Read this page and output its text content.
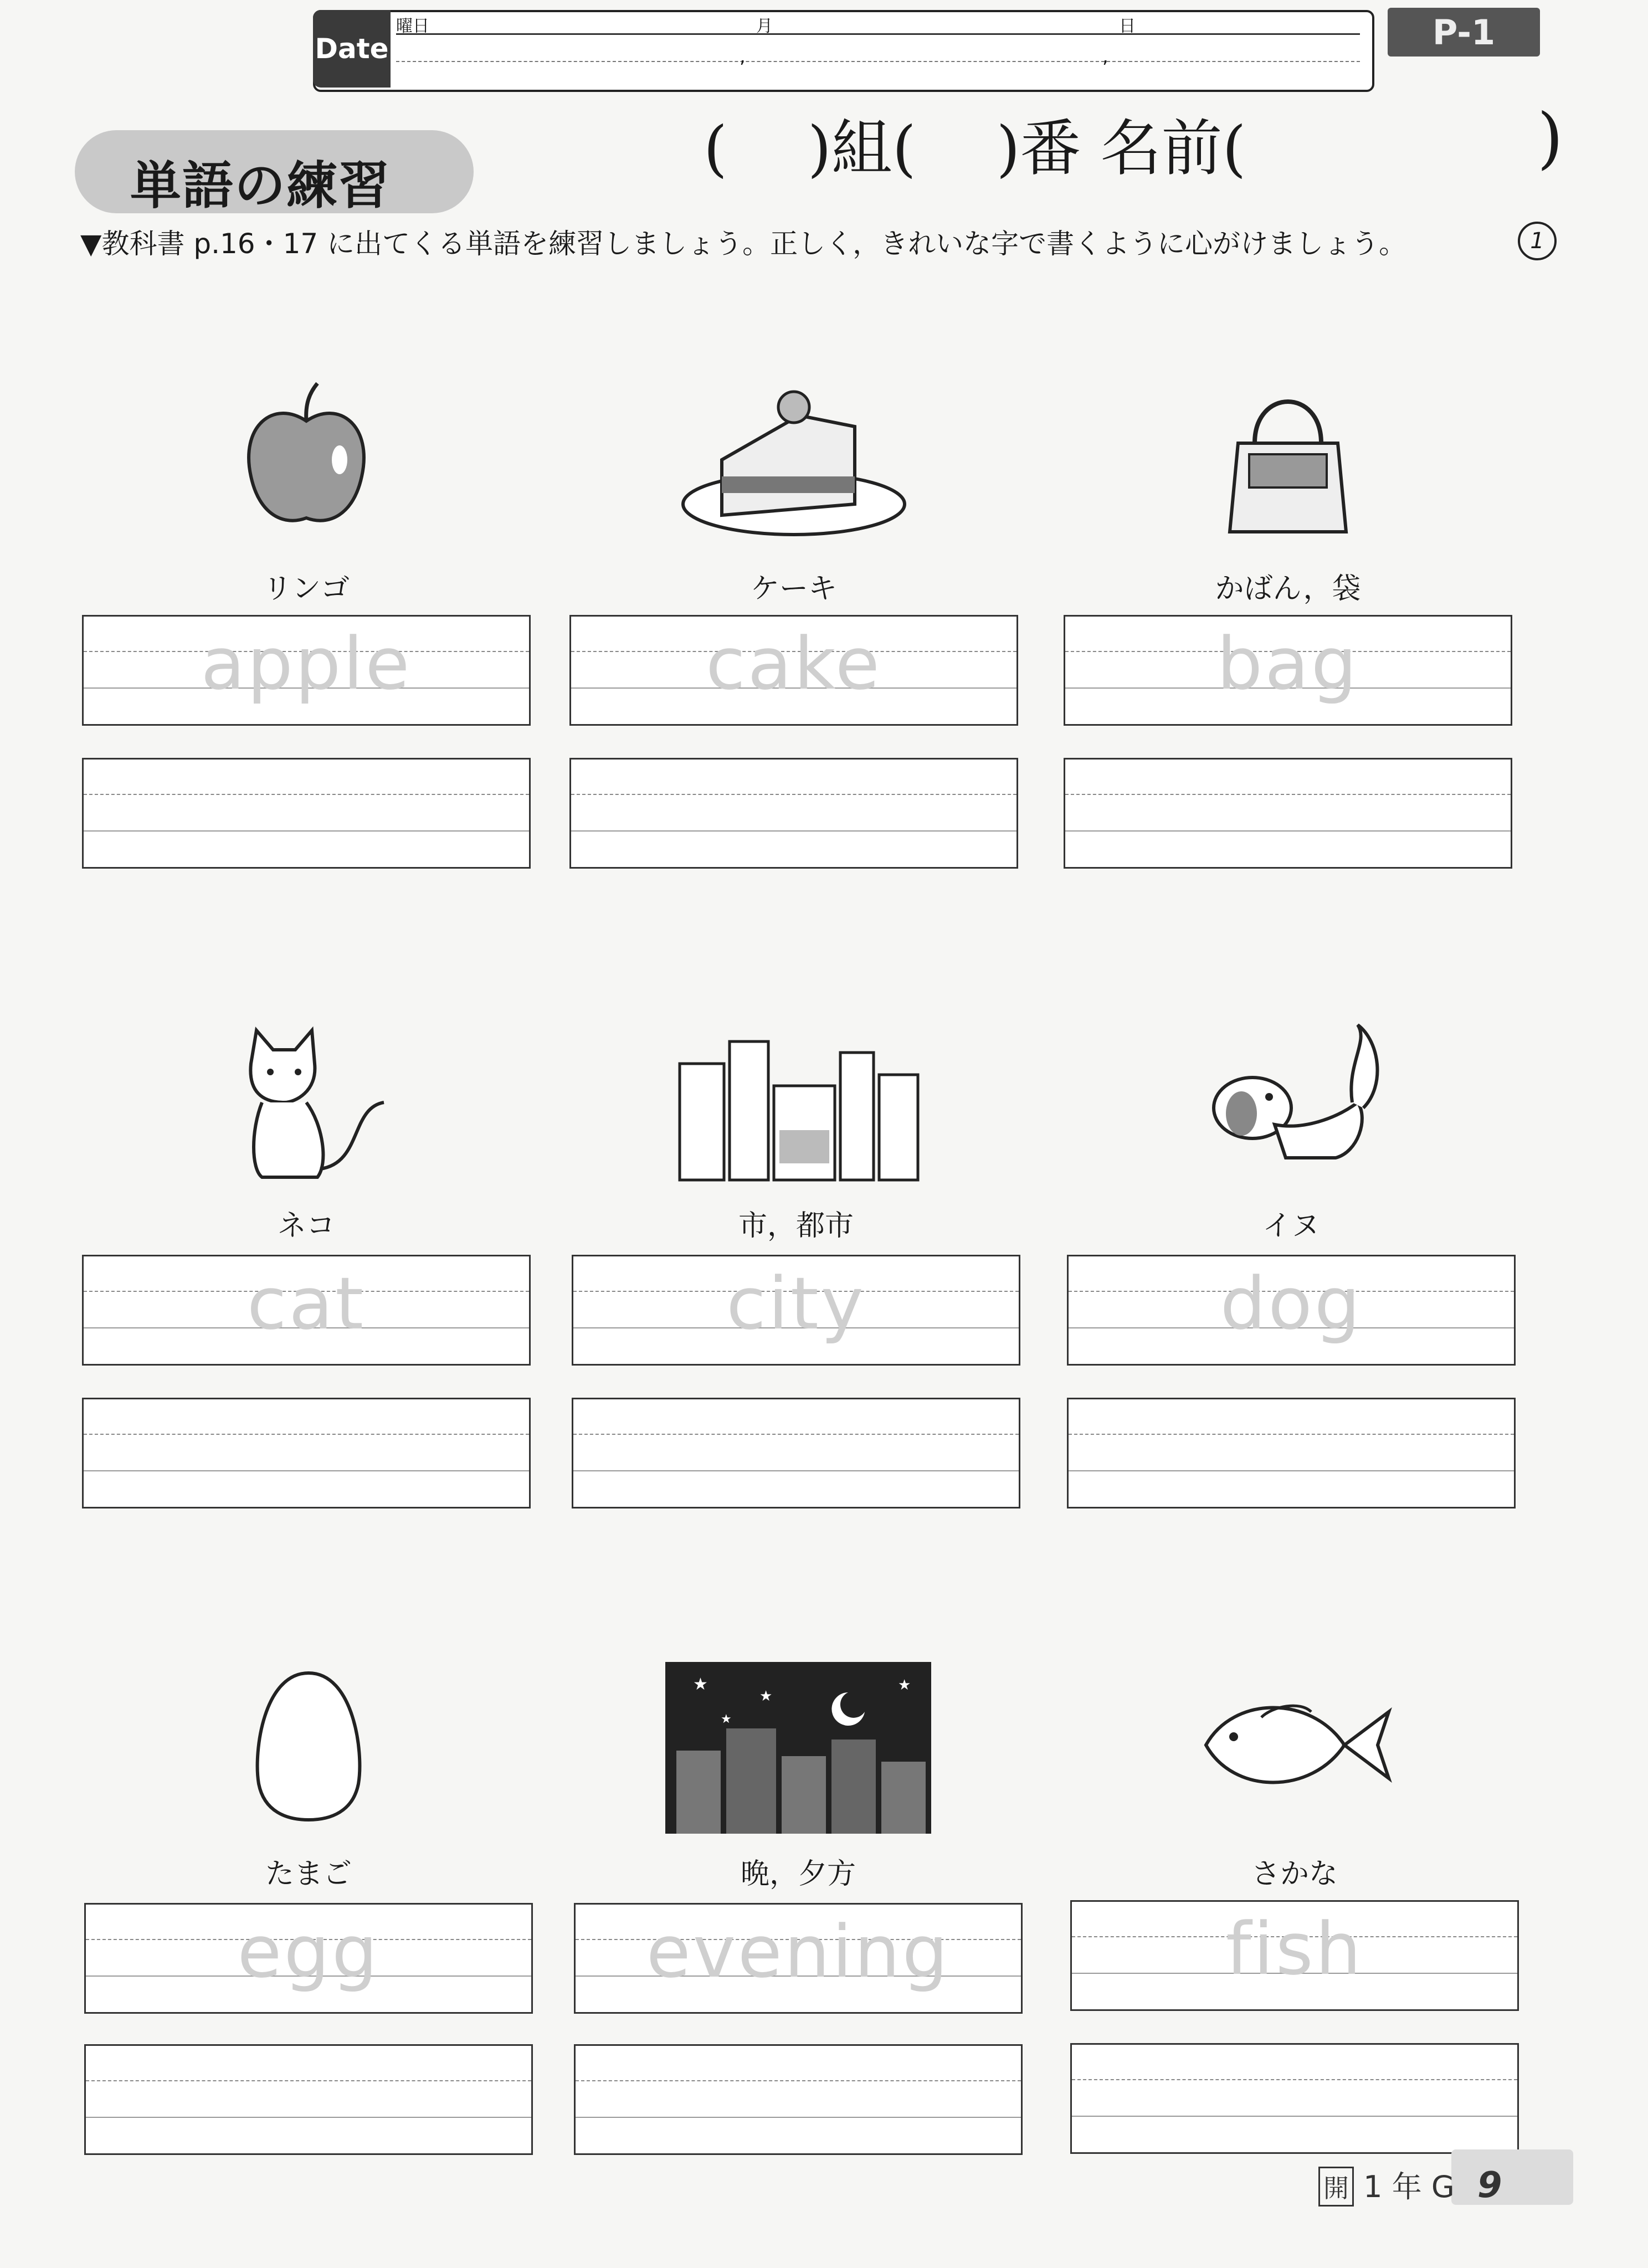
Date
曜日	月	日
,	,
P-1
単語の練習
(　 )組(　 )番 名前(	)
▼教科書 p.16・17 に出てくる単語を練習しましょう。正しく，きれいな字で書くように心がけましょう。	1
リンゴ
apple
ケーキ
cake
かばん，袋
bag
ネコ
cat
市，都市
city
イヌ
dog
たまご
egg
★
★
★
★
晩，夕方
evening
さかな
fish
開 1 年 G 9
